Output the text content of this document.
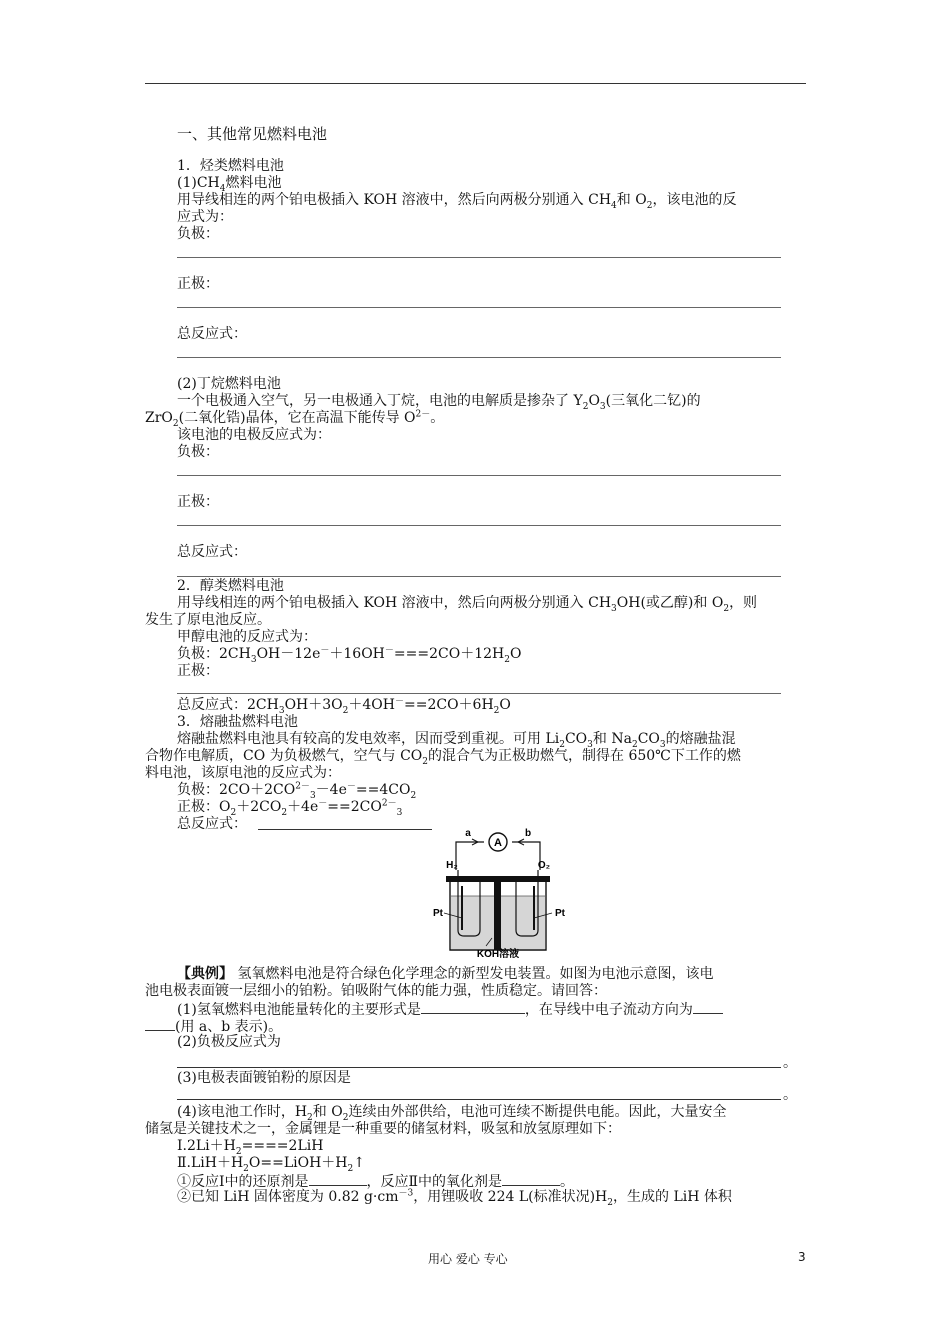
一、其他常见燃料电池
1．烃类燃料电池
$(1)CH_4$燃料电池
用导线相连的两个铂电极插入 KOH 溶液中，然后向两极分别通入 $CH_4$和 $O_2$，该电池的反
应式为：
负极：
正极：
总反应式：
(2)丁烷燃料电池
一个电极通入空气，另一电极通入丁烷，电池的电解质是掺杂了 $Y_2O_3$(三氧化二钇)的
ZrO$_2$(二氧化锆)晶体，它在高温下能传导 $O^{2-}$。
该电池的电极反应式为：
负极：
正极：
总反应式：
2．醇类燃料电池
用导线相连的两个铂电极插入 KOH 溶液中，然后向两极分别通入 $CH_3OH$(或乙醇)和 $O_2$，则
发生了原电池反应。
甲醇电池的反应式为：
负极：$2CH_3OH-12e^-+16OH^-===2CO+12H_2O$
正极：
总反应式：$2CH_3OH+3O_2+4OH^-==2CO+6H_2O$
3．熔融盐燃料电池
熔融盐燃料电池具有较高的发电效率，因而受到重视。可用 $Li_2CO_3$和 $Na_2CO_3$的熔融盐混
合物作电解质，CO 为负极燃气，空气与 $CO_2$的混合气为正极助燃气，制得在 650℃下工作的燃
料电池，该原电池的反应式为：
负极：$2CO+2CO^{2-}_3-4e^-==4CO_2$
正极：$O_2+2CO_2+4e^-==2CO^{2-}_3$
总反应式：
A
a	b
H₂	O₂
Pt	Pt
KOH溶液
【典例】 氢氧燃料电池是符合绿色化学理念的新型发电装置。如图为电池示意图，该电
池电极表面镀一层细小的铂粉。铂吸附气体的能力强，性质稳定。请回答：
(1)氢氧燃料电池能量转化的主要形式是	，在导线中电子流动方向为
(用 a、b 表示)。
(2)负极反应式为
。
(3)电极表面镀铂粉的原因是
。
(4)该电池工作时，$H_2$和 $O_2$连续由外部供给，电池可连续不断提供电能。因此，大量安全
储氢是关键技术之一，金属锂是一种重要的储氢材料，吸氢和放氢原理如下：
$Ⅰ.2Li+H_2====2LiH$
$Ⅱ.LiH+H_2O==LiOH+H_2↑$
①反应Ⅰ中的还原剂是	，反应Ⅱ中的氧化剂是	。
②已知 LiH 固体密度为 0.82 $g\cdot cm^{-3}$，用锂吸收 224 L(标准状况)$H_2$，生成的 LiH 体积
用心 爱心 专心	3
